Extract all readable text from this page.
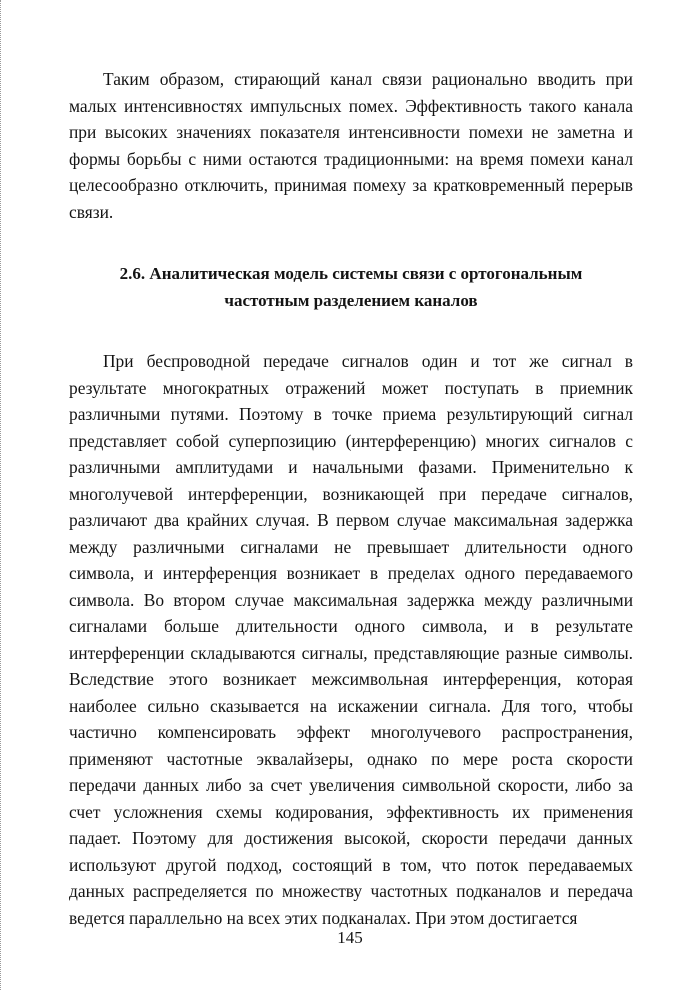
Таким образом, стирающий канал связи рационально вводить при малых интенсивностях импульсных помех. Эффективность такого канала при высоких значениях показателя интенсивности помехи не заметна и формы борьбы с ними остаются традиционными: на время помехи канал целесообразно отключить, принимая помеху за кратковременный перерыв связи.

2.6. Аналитическая модель системы связи с ортогональным
частотным разделением каналов

При беспроводной передаче сигналов один и тот же сигнал в результате многократных отражений может поступать в приемник различными путями. Поэтому в точке приема результирующий сигнал представляет собой суперпозицию (интерференцию) многих сигналов с различными амплитудами и начальными фазами. Применительно к многолучевой интерференции, возникающей при передаче сигналов, различают два крайних случая. В первом случае максимальная задержка между различными сигналами не превышает длительности одного символа, и интерференция возникает в пределах одного передаваемого символа. Во втором случае максимальная задержка между различными сигналами больше длительности одного символа, и в результате интерференции складываются сигналы, представляющие разные символы. Вследствие этого возникает межсимвольная интерференция, которая наиболее сильно сказывается на искажении сигнала. Для того, чтобы частично компенсировать эффект многолучевого распространения, применяют частотные эквалайзеры, однако по мере роста скорости передачи данных либо за счет увеличения символьной скорости, либо за счет усложнения схемы кодирования, эффективность их применения падает. Поэтому для достижения высокой, скорости передачи данных используют другой подход, состоящий в том, что поток передаваемых данных распределяется по множеству частотных подканалов и передача ведется параллельно на всех этих подканалах. При этом достигается

145
